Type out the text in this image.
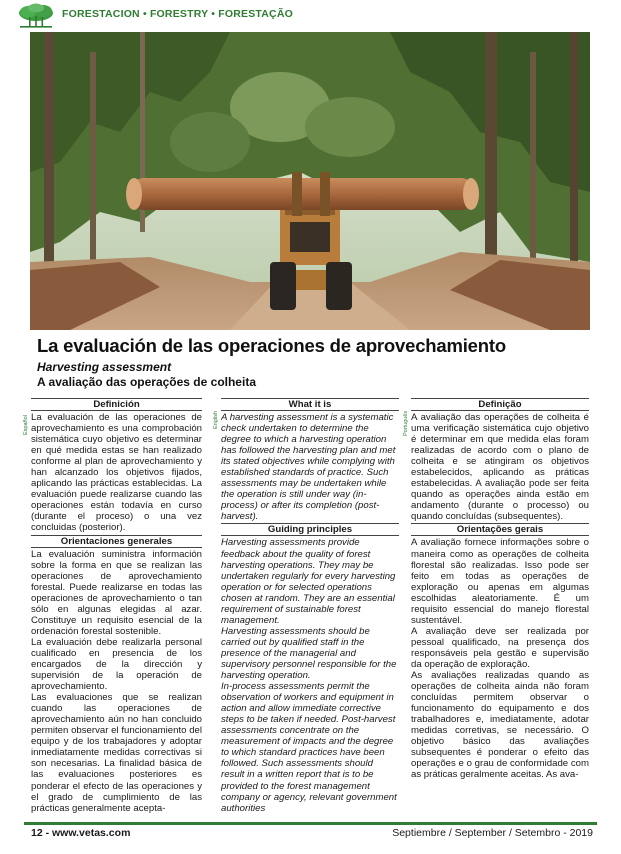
FORESTACION • FORESTRY • FORESTAÇÃO
La evaluación de las operaciones de aprovechamiento
Harvesting assessment
A avaliação das operações de colheita
Español	English	Português
Definición

La evaluación de las operaciones de aprovechamiento es una comprobación sistemática cuyo objetivo es determinar en qué medida estas se han realizado conforme al plan de aprovechamiento y han alcanzado los objetivos fijados, aplicando las prácticas establecidas. La evaluación puede realizarse cuando las operaciones están todavía en curso (durante el proceso) o una vez concluidas (posterior).

Orientaciones generales

La evaluación suministra información sobre la forma en que se realizan las operaciones de aprovechamiento forestal. Puede realizarse en todas las operaciones de aprovechamiento o tan sólo en algunas elegidas al azar. Constituye un requisito esencial de la ordenación forestal sostenible.

La evaluación debe realizarla personal cualificado en presencia de los encargados de la dirección y supervisión de la operación de aprovechamiento.

Las evaluaciones que se realizan cuando las operaciones de aprovechamiento aún no han concluido permiten observar el funcionamiento del equipo y de los trabajadores y adoptar inmediatamente medidas correctivas si son necesarias. La finalidad básica de las evaluaciones posteriores es ponderar el efecto de las operaciones y el grado de cumplimiento de las prácticas generalmente acepta-

What it is

A harvesting assessment is a systematic check undertaken to determine the degree to which a harvesting operation has followed the harvesting plan and met its stated objectives while complying with established standards of practice. Such assessments may be undertaken while the operation is still under way (in-process) or after its completion (post-harvest).

Guiding principles

Harvesting assessments provide feedback about the quality of forest harvesting operations. They may be undertaken regularly for every harvesting operation or for selected operations chosen at random. They are an essential requirement of sustainable forest management.

Harvesting assessments should be carried out by qualified staff in the presence of the managerial and supervisory personnel responsible for the harvesting operation.

In-process assessments permit the observation of workers and equipment in action and allow immediate corrective steps to be taken if needed. Post-harvest assessments concentrate on the measurement of impacts and the degree to which standard practices have been followed. Such assessments should result in a written report that is to be provided to the forest management company or agency, relevant government authorities

Definição

A avaliação das operações de colheita é uma verificação sistemática cujo objetivo é determinar em que medida elas foram realizadas de acordo com o plano de colheita e se atingiram os objetivos estabelecidos, aplicando as práticas estabelecidas. A avaliação pode ser feita quando as operações ainda estão em andamento (durante o processo) ou quando concluídas (subsequentes).

Orientações gerais

A avaliação fornece informações sobre o maneira como as operações de colheita florestal são realizadas. Isso pode ser feito em todas as operações de exploração ou apenas em algumas escolhidas aleatoriamente. É um requisito essencial do manejo florestal sustentável.

A avaliação deve ser realizada por pessoal qualificado, na presença dos responsáveis pela gestão e supervisão da operação de exploração.

As avaliações realizadas quando as operações de colheita ainda não foram concluídas permitem observar o funcionamento do equipamento e dos trabalhadores e, imediatamente, adotar medidas corretivas, se necessário. O objetivo básico das avaliações subsequentes é ponderar o efeito das operações e o grau de conformidade com as práticas geralmente aceitas. As ava-

12 - www.vetas.com	Septiembre / September / Setembro - 2019
